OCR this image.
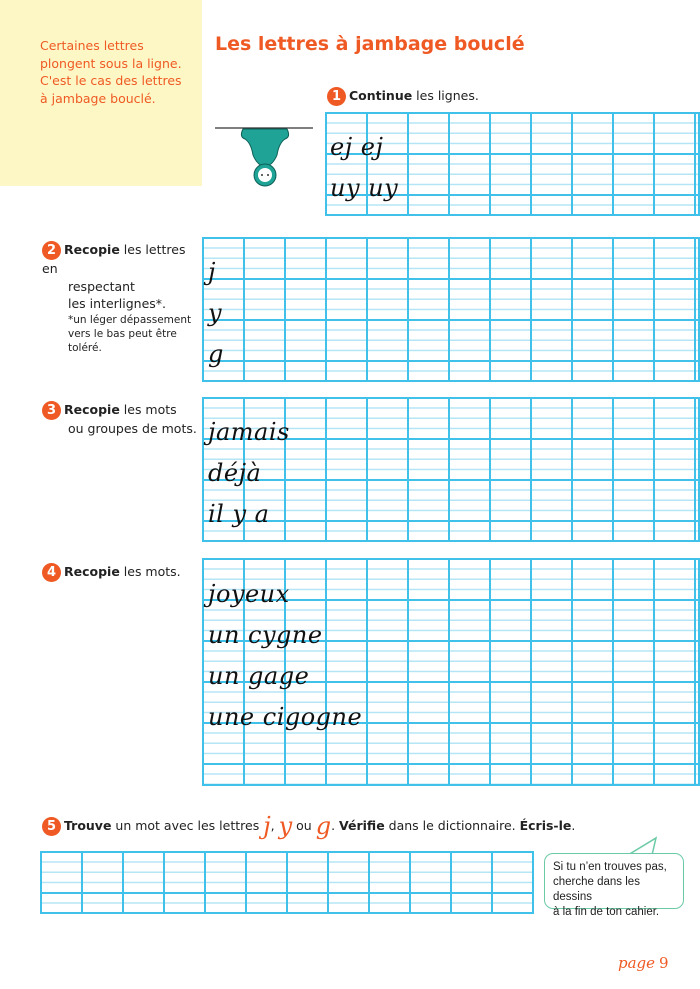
Certaines lettres
plongent sous la ligne.
C'est le cas des lettres
à jambage bouclé.
Les lettres à jambage bouclé
1 Continue les lignes.
ej ej
uy uy
2 Recopie les lettres en
respectant
les interlignes*.
*un léger dépassement
vers le bas peut être
toléré.
j
y
g
3 Recopie les mots
ou groupes de mots. jamais
déjà
il y a
4 Recopie les mots.
joyeux
un cygne
un gage
une cigogne
5 Trouve un mot avec les lettres j, y ou g. Vérifie dans le dictionnaire. Écris-le.
Si tu n’en trouves pas,
cherche dans les dessins
à la fin de ton cahier.
page 9
